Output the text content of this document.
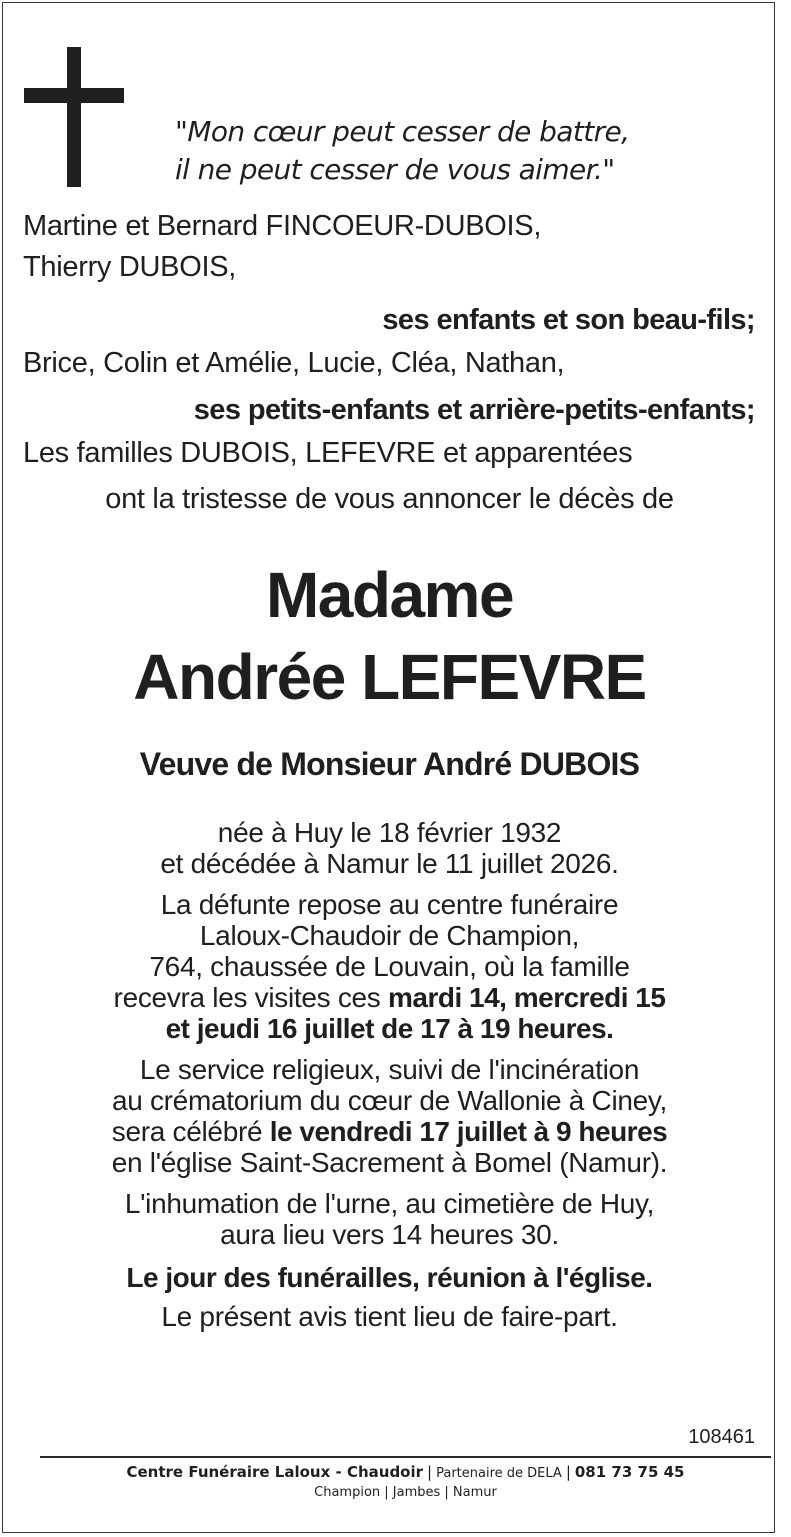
"Mon cœur peut cesser de battre,
il ne peut cesser de vous aimer."
Martine et Bernard FINCOEUR-DUBOIS,
Thierry DUBOIS,
ses enfants et son beau-fils;
Brice, Colin et Amélie, Lucie, Cléa, Nathan,
ses petits-enfants et arrière-petits-enfants;
Les familles DUBOIS, LEFEVRE et apparentées
ont la tristesse de vous annoncer le décès de
Madame
Andrée LEFEVRE
Veuve de Monsieur André DUBOIS

née à Huy le 18 février 1932

et décédée à Namur le 11 juillet 2026.

La défunte repose au centre funéraire

Laloux-Chaudoir de Champion,

764, chaussée de Louvain, où la famille

recevra les visites ces mardi 14, mercredi 15

et jeudi 16 juillet de 17 à 19 heures.

Le service religieux, suivi de l'incinération

au crématorium du cœur de Wallonie à Ciney,

sera célébré le vendredi 17 juillet à 9 heures

en l'église Saint-Sacrement à Bomel (Namur).

L'inhumation de l'urne, au cimetière de Huy,

aura lieu vers 14 heures 30.

Le jour des funérailles, réunion à l'église.

Le présent avis tient lieu de faire-part.

108461
Centre Funéraire Laloux - Chaudoir | Partenaire de DELA | 081 73 75 45
Champion | Jambes | Namur
